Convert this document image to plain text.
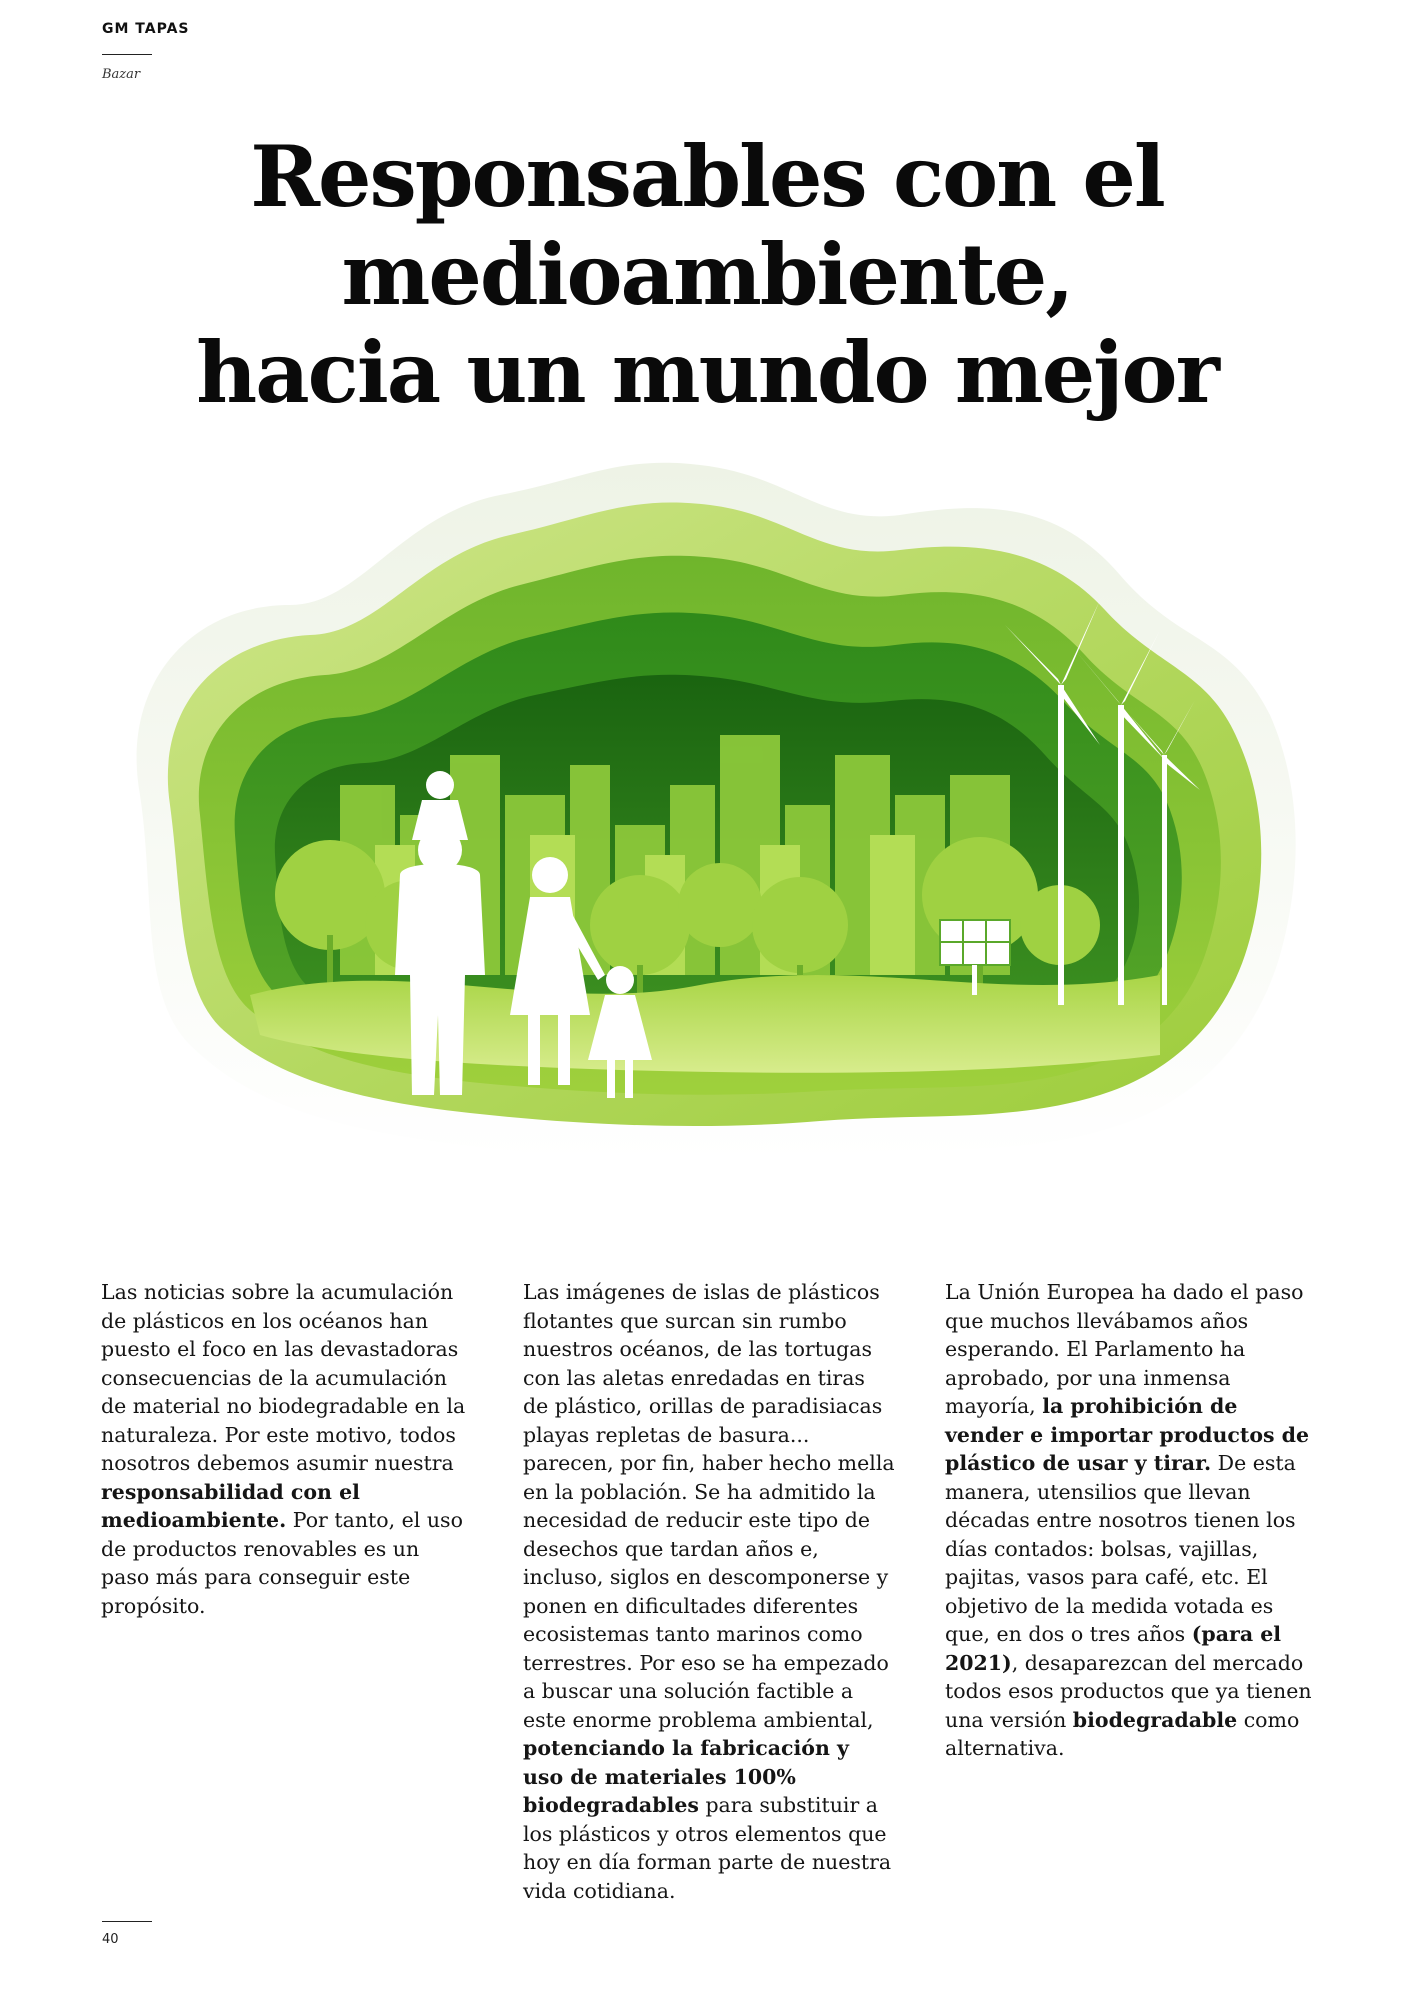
GM TAPAS
Bazar
Responsables con el
medioambiente,
hacia un mundo mejor

Las noticias sobre la acumulación de plásticos en los océanos han puesto el foco en las devastadoras consecuencias de la acumulación de material no biodegradable en la naturaleza. Por este motivo, todos nosotros debemos asumir nuestra responsabilidad con el medioambiente. Por tanto, el uso de productos renovables es un paso más para conseguir este propósito.

Las imágenes de islas de plásticos flotantes que surcan sin rumbo nuestros océanos, de las tortugas con las aletas enredadas en tiras de plástico, orillas de paradisiacas playas repletas de basura... parecen, por fin, haber hecho mella en la población. Se ha admitido la necesidad de reducir este tipo de desechos que tardan años e, incluso, siglos en descomponerse y ponen en dificultades diferentes ecosistemas tanto marinos como terrestres. Por eso se ha empezado a buscar una solución factible a este enorme problema ambiental, potenciando la fabricación y uso de materiales 100% biodegradables para substituir a los plásticos y otros elementos que hoy en día forman parte de nuestra vida cotidiana.

La Unión Europea ha dado el paso que muchos llevábamos años esperando. El Parlamento ha aprobado, por una inmensa mayoría, la prohibición de vender e importar productos de plástico de usar y tirar. De esta manera, utensilios que llevan décadas entre nosotros tienen los días contados: bolsas, vajillas, pajitas, vasos para café, etc. El objetivo de la medida votada es que, en dos o tres años (para el 2021), desaparezcan del mercado todos esos productos que ya tienen una versión biodegradable como alternativa.

40
